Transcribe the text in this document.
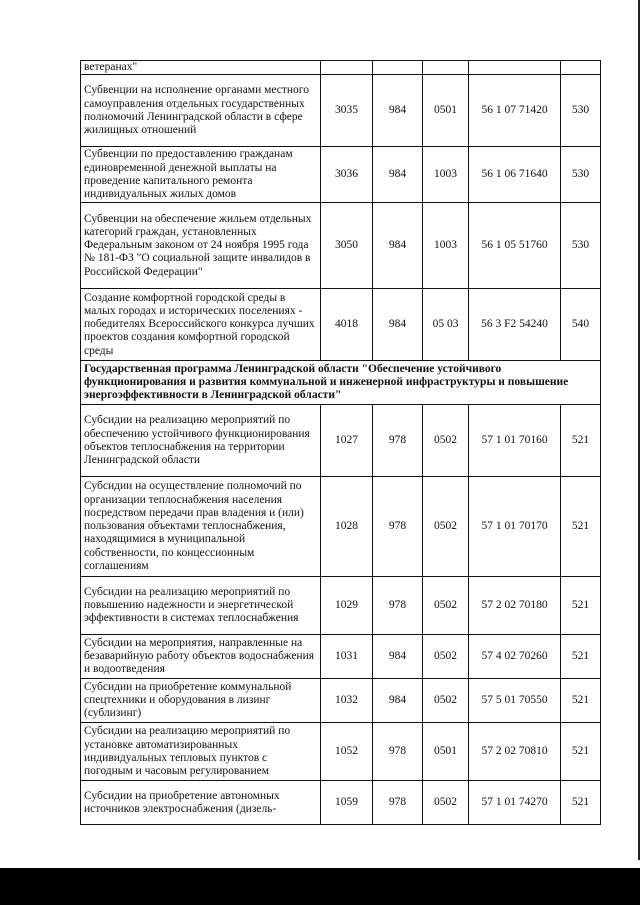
ветеранах"					
Субвенции на исполнение органами местного самоуправления отдельных государственных полномочий Ленинградской области в сфере жилищных отношений	3035	984	0501	56 1 07 71420	530
Субвенции по предоставлению гражданам единовременной денежной выплаты на проведение капитального ремонта индивидуальных жилых домов	3036	984	1003	56 1 06 71640	530
Субвенции на обеспечение жильем отдельных категорий граждан, установленных Федеральным законом от 24 ноября 1995 года № 181-ФЗ "О социальной защите инвалидов в Российской Федерации"	3050	984	1003	56 1 05 51760	530
Создание комфортной городской среды в малых городах и исторических поселениях - победителях Всероссийского конкурса лучших проектов создания комфортной городской среды	4018	984	05 03	56 3 F2 54240	540
Государственная программа Ленинградской области "Обеспечение устойчивого функционирования и развития коммунальной и инженерной инфраструктуры и повышение энергоэффективности в Ленинградской области"					
Субсидии на реализацию мероприятий по обеспечению устойчивого функционирования объектов теплоснабжения на территории Ленинградской области	1027	978	0502	57 1 01 70160	521
Субсидии на осуществление полномочий по организации теплоснабжения населения посредством передачи прав владения и (или) пользования объектами теплоснабжения, находящимися в муниципальной собственности, по концессионным соглашениям	1028	978	0502	57 1 01 70170	521
Субсидии на реализацию мероприятий по повышению надежности и энергетической эффективности в системах теплоснабжения	1029	978	0502	57 2 02 70180	521
Субсидии на мероприятия, направленные на безаварийную работу объектов водоснабжения и водоотведения	1031	984	0502	57 4 02 70260	521
Субсидии на приобретение коммунальной спецтехники и оборудования в лизинг (сублизинг)	1032	984	0502	57 5 01 70550	521
Субсидии на реализацию мероприятий по установке автоматизированных индивидуальных тепловых пунктов с погодным и часовым регулированием	1052	978	0501	57 2 02 70810	521
Субсидии на приобретение автономных источников электроснабжения (дизель-	1059	978	0502	57 1 01 74270	521
